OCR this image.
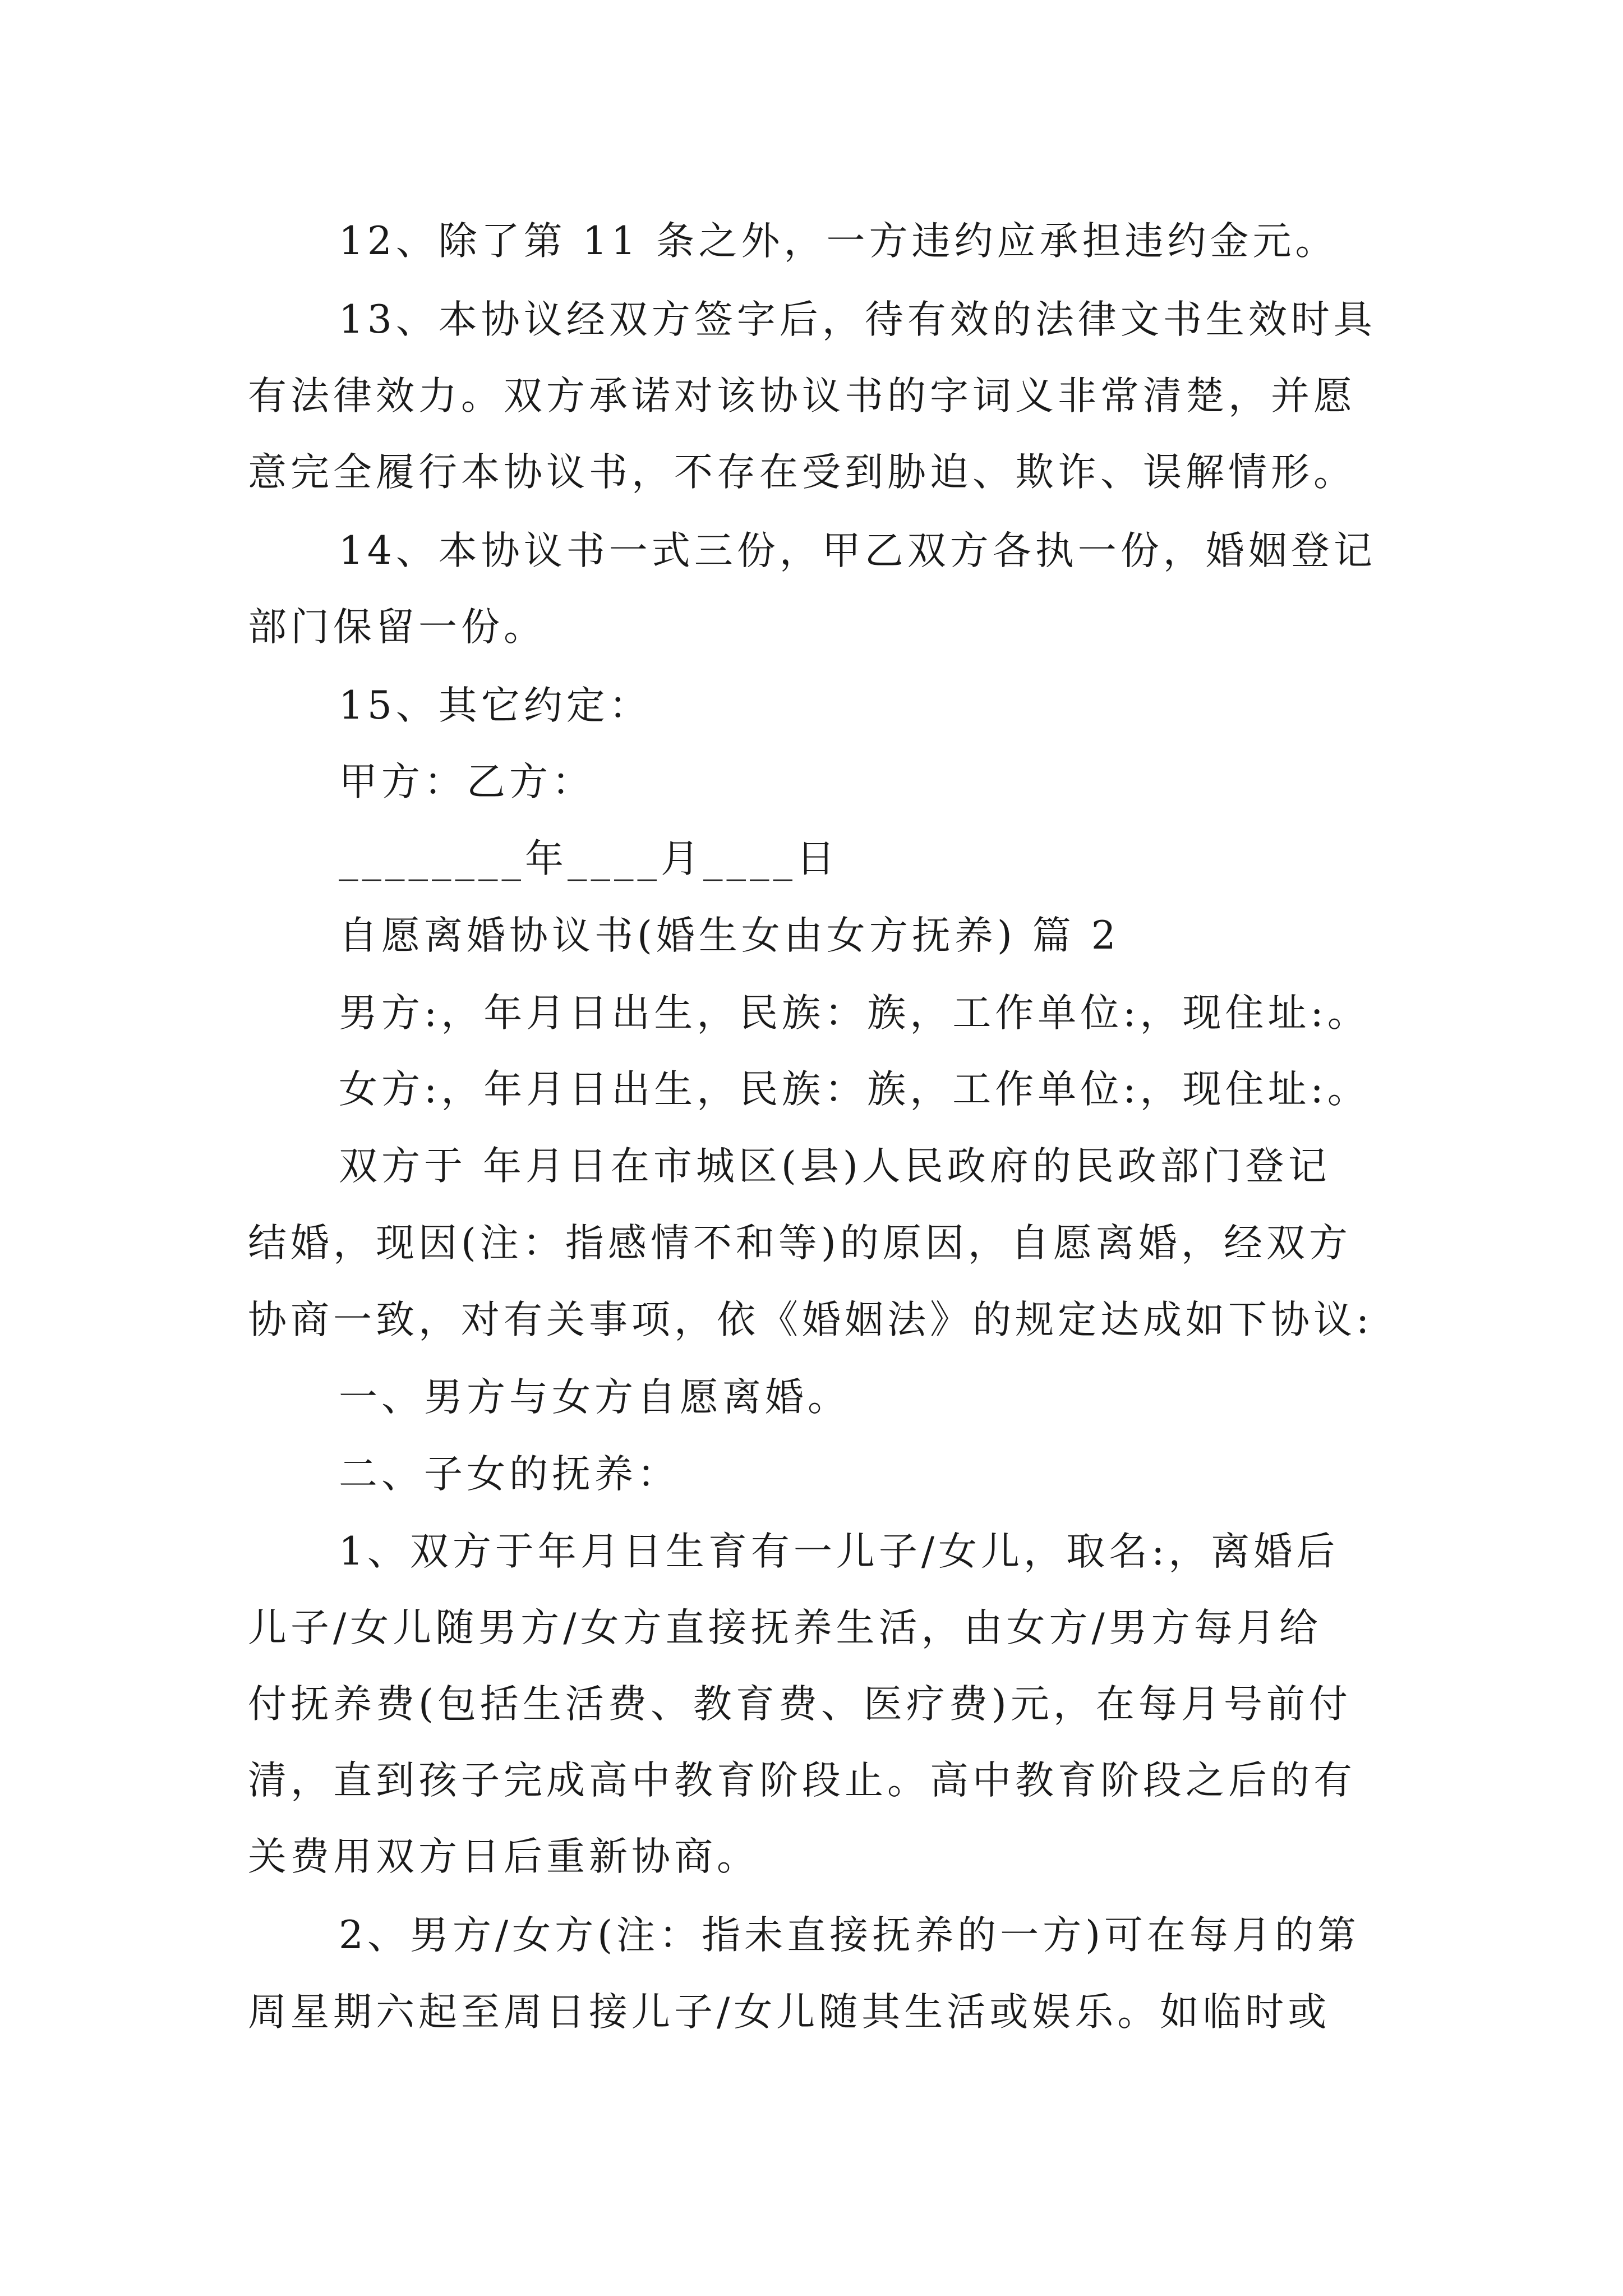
12、除了第 11 条之外，一方违约应承担违约金元。
13、本协议经双方签字后，待有效的法律文书生效时具
有法律效力。双方承诺对该协议书的字词义非常清楚，并愿
意完全履行本协议书，不存在受到胁迫、欺诈、误解情形。
14、本协议书一式三份，甲乙双方各执一份，婚姻登记
部门保留一份。
15、其它约定：
甲方：乙方：
________年____月____日
自愿离婚协议书(婚生女由女方抚养) 篇 2
男方:，年月日出生，民族：族，工作单位:，现住址:。
女方:，年月日出生，民族：族，工作单位:，现住址:。
双方于 年月日在市城区(县)人民政府的民政部门登记
结婚，现因(注：指感情不和等)的原因，自愿离婚，经双方
协商一致，对有关事项，依《婚姻法》的规定达成如下协议:
一、男方与女方自愿离婚。
二、子女的抚养：
1、双方于年月日生育有一儿子/女儿，取名:，离婚后
儿子/女儿随男方/女方直接抚养生活，由女方/男方每月给
付抚养费(包括生活费、教育费、医疗费)元，在每月号前付
清，直到孩子完成高中教育阶段止。高中教育阶段之后的有
关费用双方日后重新协商。
2、男方/女方(注：指未直接抚养的一方)可在每月的第
周星期六起至周日接儿子/女儿随其生活或娱乐。如临时或
